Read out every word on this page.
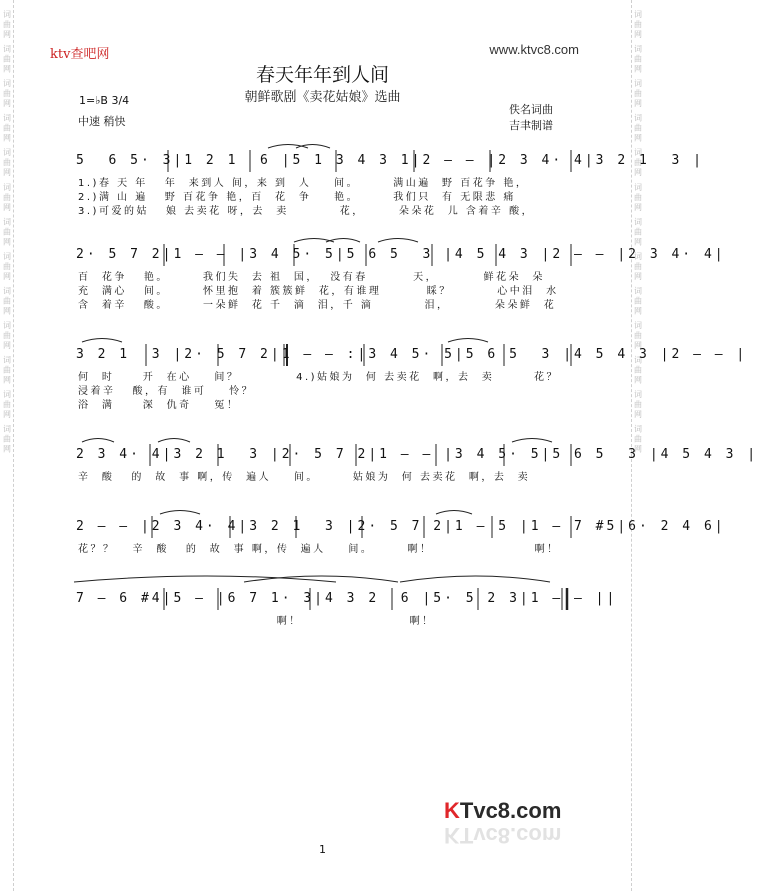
词曲网 词曲网 词曲网 词曲网 词曲网 词曲网 词曲网 词曲网 词曲网 词曲网 词曲网 词曲网 词曲网	词曲网 词曲网 词曲网 词曲网 词曲网 词曲网 词曲网 词曲网 词曲网 词曲网 词曲网 词曲网 词曲网
ktv查吧网	www.ktvc8.com
春天年年到人间
朝鲜歌剧《卖花姑娘》选曲
1=♭B 3/4
中速 稍快
佚名词曲
吉聿制谱
5  6 5· 3|1 2 1  6 |5 1 3 4 3 1|2 — — |2 3 4· 4|3 2 1  3 |
1.)春 天 年   年  来到人 间，来 到  人    间。      满山遍  野 百花争 艳，
2.)满 山 遍   野 百花争 艳，百  花  争    艳。      我们只  有 无限悲 痛
3.)可爱的姑   娘 去卖花 呀，去  卖         花，      朵朵花  儿 含着辛 酸，
2· 5 7 2|1 — — |3 4 5· 5|5 6 5  3 |4 5 4 3 |2 — — |2 3 4· 4|
百  花争   艳。      我们失  去 祖  国，  没有春        天，        鲜花朵  朵
充  满心   间。      怀里抱  着 簇簇鲜  花，有谁理        睬？        心中泪  水
含  着辛   酸。      一朵鲜  花 千  滴  泪，千 滴         泪，        朵朵鲜  花
3 2 1  3 |2· 5 7 2|1 — — :|3 4 5· 5|5 6 5  3 |4 5 4 3 |2 — — |
何  时     开  在心    间？          4.)姑娘为  何 去卖花  啊，去  卖       花？
浸着辛   酸，有  谁可    怜？
浴  满     深  仇奇    冤！
2 3 4· 4|3 2 1  3 |2· 5 7 2|1 — — |3 4 5· 5|5 6 5  3 |4 5 4 3 |
辛  酸   的  故  事 啊，传  遍人    间。      姑娘为  何 去卖花  啊，去  卖
2 — — |2 3 4· 4|3 2 1  3 |2· 5 7 2|1 — 5 |1 — 7 #5|6· 2 4 6|
花？？   辛  酸   的  故  事 啊，传  遍人    间。      啊！                  啊！
7 — 6 #4|5 — |6 7 1· 3|4 3 2  6 |5· 5 2 3|1 — — ||
啊！                   啊！
KTvc8.com
KTvc8.com
1
